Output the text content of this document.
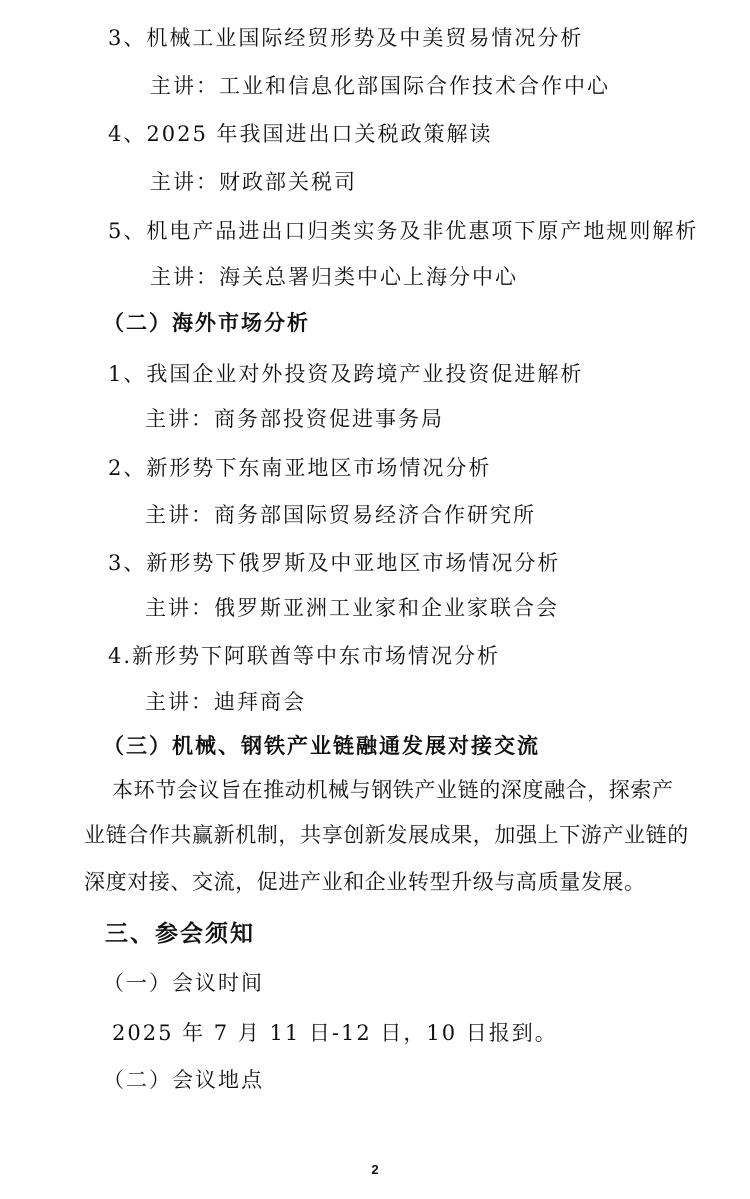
3、机械工业国际经贸形势及中美贸易情况分析
主讲：工业和信息化部国际合作技术合作中心
4、2025 年我国进出口关税政策解读
主讲：财政部关税司
5、机电产品进出口归类实务及非优惠项下原产地规则解析
主讲：海关总署归类中心上海分中心
（二）海外市场分析
1、我国企业对外投资及跨境产业投资促进解析
主讲：商务部投资促进事务局
2、新形势下东南亚地区市场情况分析
主讲：商务部国际贸易经济合作研究所
3、新形势下俄罗斯及中亚地区市场情况分析
主讲：俄罗斯亚洲工业家和企业家联合会
4.新形势下阿联酋等中东市场情况分析
主讲：迪拜商会
（三）机械、钢铁产业链融通发展对接交流
本环节会议旨在推动机械与钢铁产业链的深度融合，探索产
业链合作共赢新机制，共享创新发展成果，加强上下游产业链的
深度对接、交流，促进产业和企业转型升级与高质量发展。
三、参会须知
（一）会议时间
2025 年 7 月 11 日-12 日，10 日报到。
（二）会议地点
2
